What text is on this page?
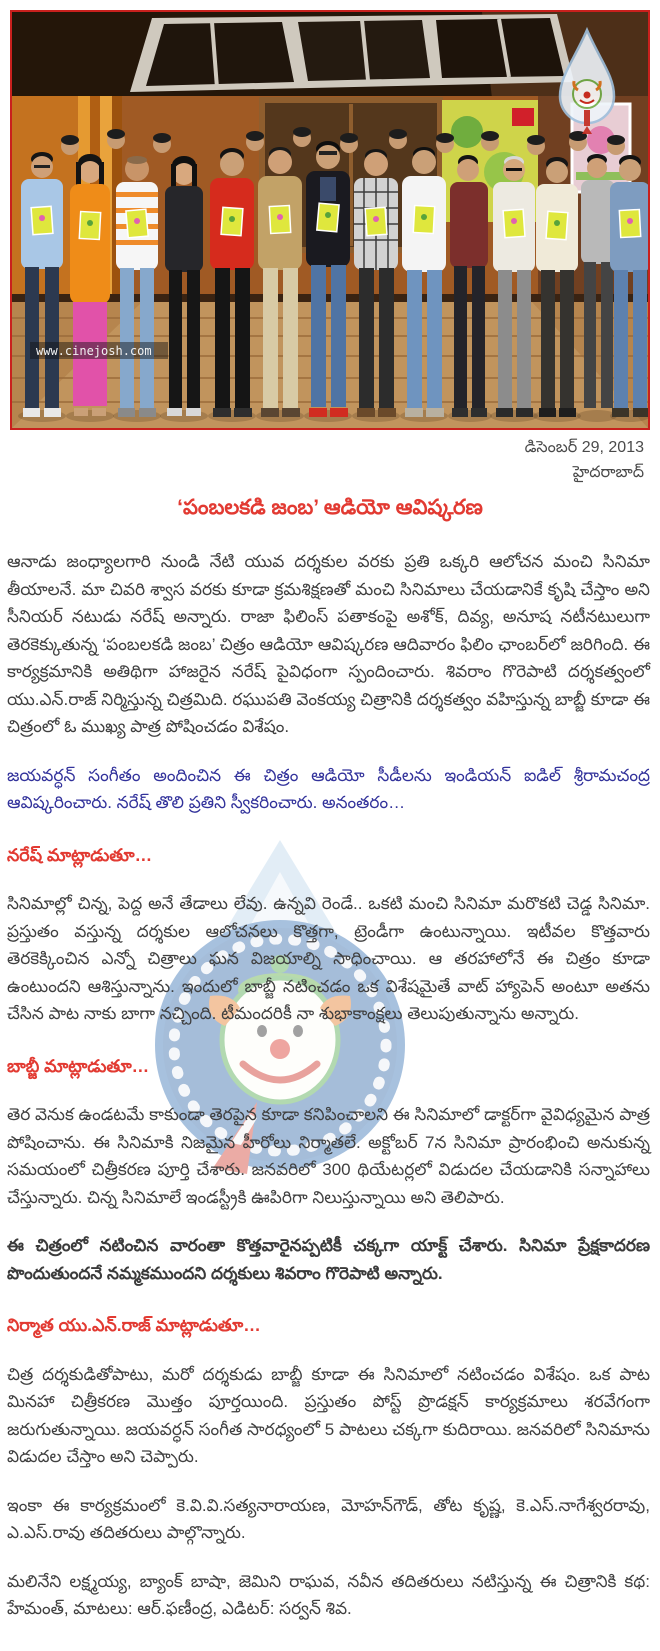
www.cinejosh.com
డిసెంబర్ 29, 2013
హైదరాబాద్
‘పంబలకడి జంబ’ ఆడియో ఆవిష్కరణ

ఆనాడు జంధ్యాలగారి నుండి నేటి యువ దర్శకుల వరకు ప్రతి ఒక్కరి ఆలోచన మంచి సినిమా తీయాలనే. మా చివరి శ్వాస వరకు కూడా క్రమశిక్షణతో మంచి సినిమాలు చేయడానికే కృషి చేస్తాం అని సీనియర్ నటుడు నరేష్ అన్నారు. రాజా ఫిలింస్ పతాకంపై అశోక్, దివ్య, అనూష నటీనటులుగా తెరకెక్కుతున్న ‘పంబలకడి జంబ’ చిత్రం ఆడియో ఆవిష్కరణ ఆదివారం ఫిలిం ఛాంబర్‌లో జరిగింది. ఈ కార్యక్రమానికి అతిథిగా హాజరైన నరేష్ పైవిధంగా స్పందించారు. శివరాం గొరెపాటి దర్శకత్వంలో యు.ఎన్.రాజ్ నిర్మిస్తున్న చిత్రమిది. రఘుపతి వెంకయ్య చిత్రానికి దర్శకత్వం వహిస్తున్న బాబ్జీ కూడా ఈ చిత్రంలో ఓ ముఖ్య పాత్ర పోషించడం విశేషం.

జయవర్ధన్ సంగీతం అందించిన ఈ చిత్రం ఆడియో సీడీలను ఇండియన్ ఐడిల్ శ్రీరామచంద్ర ఆవిష్కరించారు. నరేష్ తొలి ప్రతిని స్వీకరించారు. అనంతరం…

నరేష్ మాట్లాడుతూ…

సినిమాల్లో చిన్న, పెద్ద అనే తేడాలు లేవు. ఉన్నవి రెండే.. ఒకటి మంచి సినిమా మరొకటి చెడ్డ సినిమా. ప్రస్తుతం వస్తున్న దర్శకుల ఆలోచనలు కొత్తగా, ట్రెండీగా ఉంటున్నాయి. ఇటీవల కొత్తవారు తెరకెక్కించిన ఎన్నో చిత్రాలు ఘన విజయాల్ని సాధించాయి. ఆ తరహాలోనే ఈ చిత్రం కూడా ఉంటుందని ఆశిస్తున్నాను. ఇందులో బాబ్జీ నటించడం ఒక విశేషమైతే వాట్ హ్యాపెన్ అంటూ అతను చేసిన పాట నాకు బాగా నచ్చింది. టీమందరికీ నా శుభాకాంక్షలు తెలుపుతున్నాను అన్నారు.

బాబ్జీ మాట్లాడుతూ…

తెర వెనుక ఉండటమే కాకుండా తెరపైన కూడా కనిపించాలని ఈ సినిమాలో డాక్టర్‌గా వైవిధ్యమైన పాత్ర పోషించాను. ఈ సినిమాకి నిజమైన హీరోలు నిర్మాతలే. అక్టోబర్ 7న సినిమా ప్రారంభించి అనుకున్న సమయంలో చిత్రీకరణ పూర్తి చేశారు. జనవరిలో 300 థియేటర్లలో విడుదల చేయడానికి సన్నాహాలు చేస్తున్నారు. చిన్న సినిమాలే ఇండస్ట్రీకి ఊపిరిగా నిలుస్తున్నాయి అని తెలిపారు.

ఈ చిత్రంలో నటించిన వారంతా కొత్తవారైనప్పటికీ చక్కగా యాక్ట్ చేశారు. సినిమా ప్రేక్షకాదరణ పొందుతుందనే నమ్మకముందని దర్శకులు శివరాం గొరెపాటి అన్నారు.

నిర్మాత యు.ఎన్.రాజ్ మాట్లాడుతూ…

చిత్ర దర్శకుడితోపాటు, మరో దర్శకుడు బాబ్జీ కూడా ఈ సినిమాలో నటించడం విశేషం. ఒక పాట మినహా చిత్రీకరణ మొత్తం పూర్తయింది. ప్రస్తుతం పోస్ట్ ప్రొడక్షన్ కార్యక్రమాలు శరవేగంగా జరుగుతున్నాయి. జయవర్ధన్ సంగీత సారధ్యంలో 5 పాటలు చక్కగా కుదిరాయి. జనవరిలో సినిమాను విడుదల చేస్తాం అని చెప్పారు.

ఇంకా ఈ కార్యక్రమంలో కె.వి.వి.సత్యనారాయణ, మోహన్‌గౌడ్, తోట కృష్ణ, కె.ఎస్.నాగేశ్వరరావు, ఎ.ఎస్.రావు తదితరులు పాల్గొన్నారు.

మలినేని లక్ష్మయ్య, బ్యాంక్ బాషా, జెమిని రాఘవ, నవీన తదితరులు నటిస్తున్న ఈ చిత్రానికి కథ: హేమంత్, మాటలు: ఆర్.ఫణీంద్ర, ఎడిటర్: సర్వన్ శివ.
